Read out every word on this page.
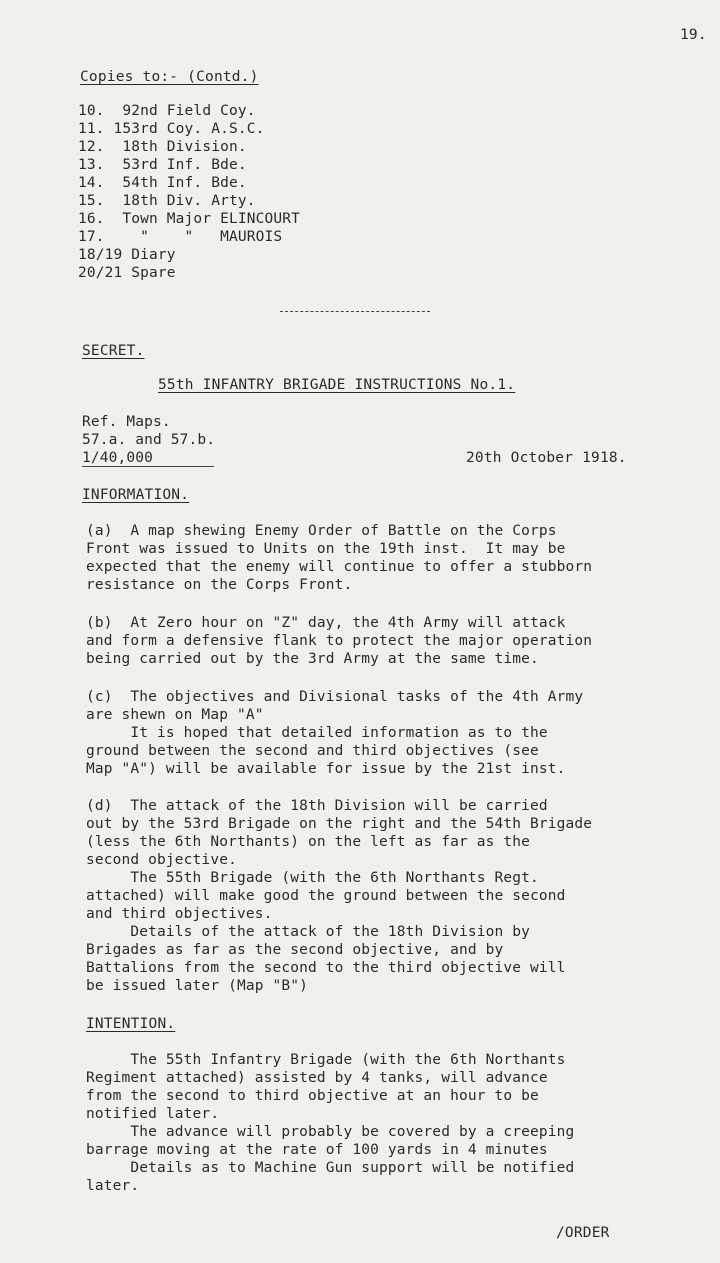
19.
Copies to:- (Contd.)
10.  92nd Field Coy.
11. 153rd Coy. A.S.C.
12.  18th Division.
13.  53rd Inf. Bde.
14.  54th Inf. Bde.
15.  18th Div. Arty.
16.  Town Major ELINCOURT
17.    "    "   MAUROIS
18/19 Diary
20/21 Spare
SECRET.
55th INFANTRY BRIGADE INSTRUCTIONS No.1.
Ref. Maps.
57.a. and 57.b.
1/40,000	20th October 1918.
INFORMATION.
(a)  A map shewing Enemy Order of Battle on the Corps
Front was issued to Units on the 19th inst.  It may be
expected that the enemy will continue to offer a stubborn
resistance on the Corps Front.
(b)  At Zero hour on "Z" day, the 4th Army will attack
and form a defensive flank to protect the major operation
being carried out by the 3rd Army at the same time.
(c)  The objectives and Divisional tasks of the 4th Army
are shewn on Map "A"
It is hoped that detailed information as to the
ground between the second and third objectives (see
Map "A") will be available for issue by the 21st inst.
(d)  The attack of the 18th Division will be carried
out by the 53rd Brigade on the right and the 54th Brigade
(less the 6th Northants) on the left as far as the
second objective.
The 55th Brigade (with the 6th Northants Regt.
attached) will make good the ground between the second
and third objectives.
Details of the attack of the 18th Division by
Brigades as far as the second objective, and by
Battalions from the second to the third objective will
be issued later (Map "B")
INTENTION.
The 55th Infantry Brigade (with the 6th Northants
Regiment attached) assisted by 4 tanks, will advance
from the second to third objective at an hour to be
notified later.
The advance will probably be covered by a creeping
barrage moving at the rate of 100 yards in 4 minutes
Details as to Machine Gun support will be notified
later.
/ORDER
